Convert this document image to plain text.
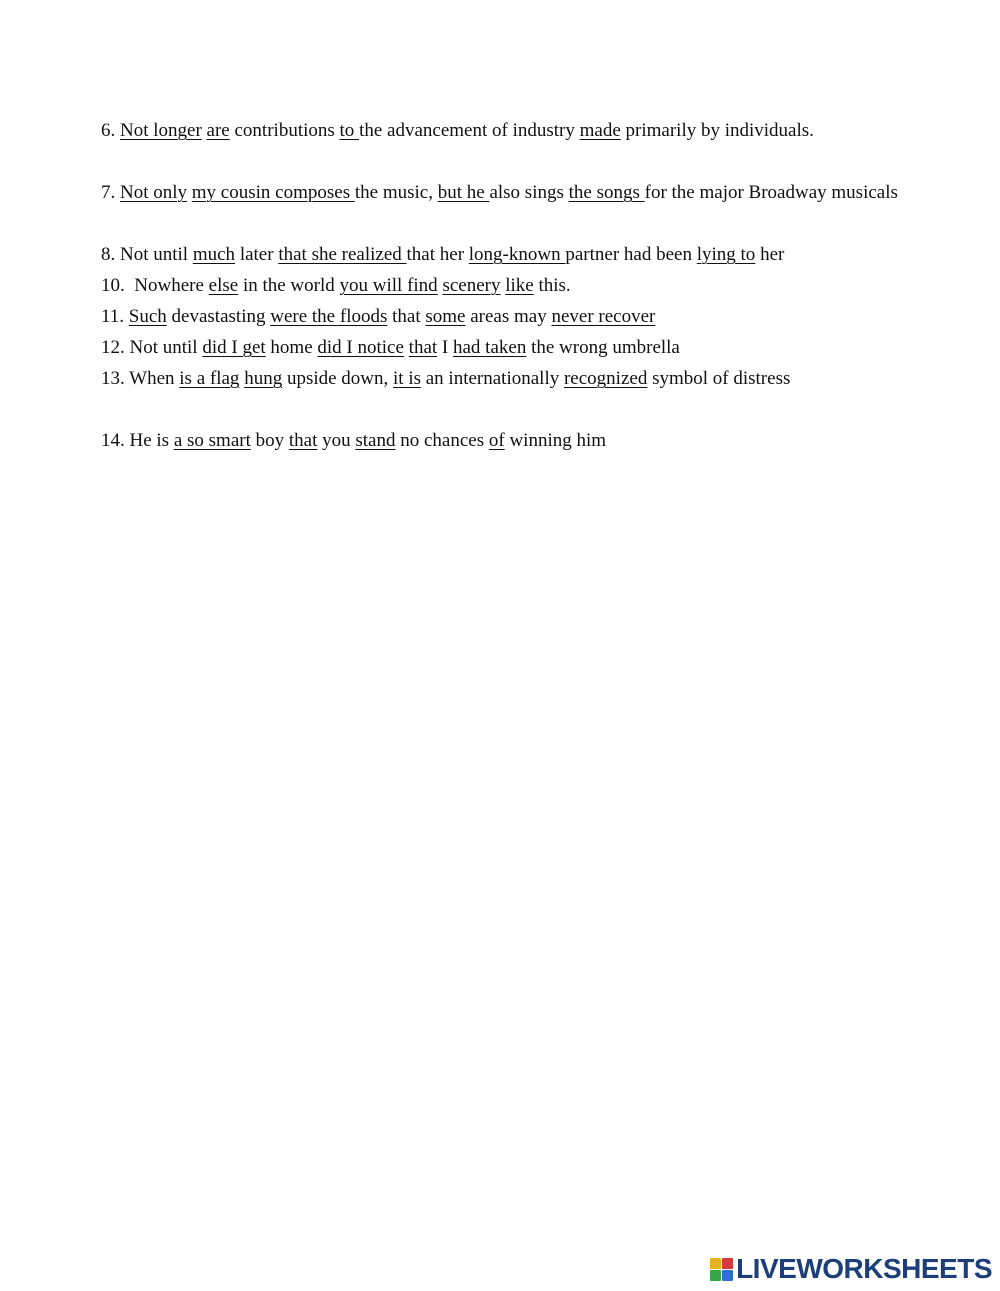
6. Not longer are contributions to the advancement of industry made primarily by individuals.

7. Not only my cousin composes the music, but he also sings the songs for the major Broadway musicals

8. Not until much later that she realized that her long-known partner had been lying to her

10.  Nowhere else in the world you will find scenery like this.

11. Such devastasting were the floods that some areas may never recover

12. Not until did I get home did I notice that I had taken the wrong umbrella

13. When is a flag hung upside down, it is an internationally recognized symbol of distress

14. He is a so smart boy that you stand no chances of winning him

LIVEWORKSHEETS
